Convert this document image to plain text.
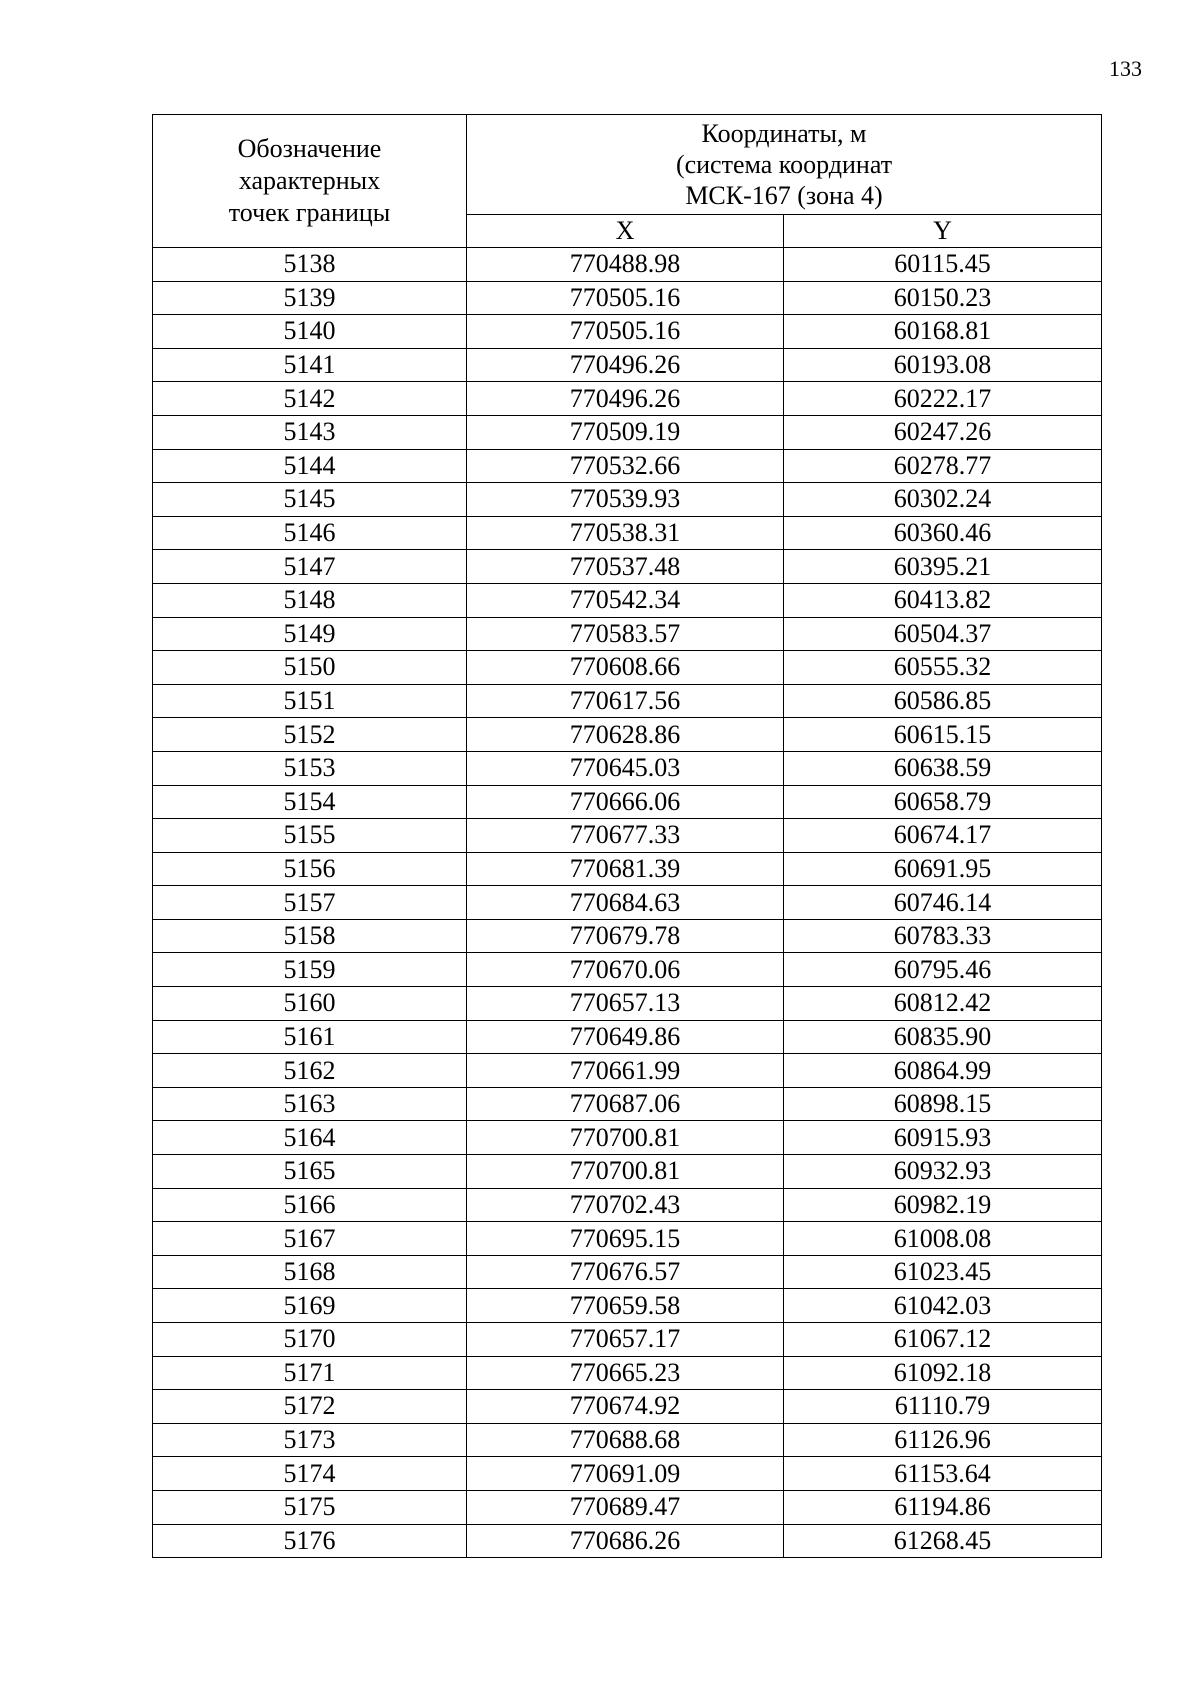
133
Обозначение
характерных
точек границы	Координаты, м
(система координат
МСК-167 (зона 4)	

	X	Y
5138	770488.98	60115.45
5139	770505.16	60150.23
5140	770505.16	60168.81
5141	770496.26	60193.08
5142	770496.26	60222.17
5143	770509.19	60247.26
5144	770532.66	60278.77
5145	770539.93	60302.24
5146	770538.31	60360.46
5147	770537.48	60395.21
5148	770542.34	60413.82
5149	770583.57	60504.37
5150	770608.66	60555.32
5151	770617.56	60586.85
5152	770628.86	60615.15
5153	770645.03	60638.59
5154	770666.06	60658.79
5155	770677.33	60674.17
5156	770681.39	60691.95
5157	770684.63	60746.14
5158	770679.78	60783.33
5159	770670.06	60795.46
5160	770657.13	60812.42
5161	770649.86	60835.90
5162	770661.99	60864.99
5163	770687.06	60898.15
5164	770700.81	60915.93
5165	770700.81	60932.93
5166	770702.43	60982.19
5167	770695.15	61008.08
5168	770676.57	61023.45
5169	770659.58	61042.03
5170	770657.17	61067.12
5171	770665.23	61092.18
5172	770674.92	61110.79
5173	770688.68	61126.96
5174	770691.09	61153.64
5175	770689.47	61194.86
5176	770686.26	61268.45
